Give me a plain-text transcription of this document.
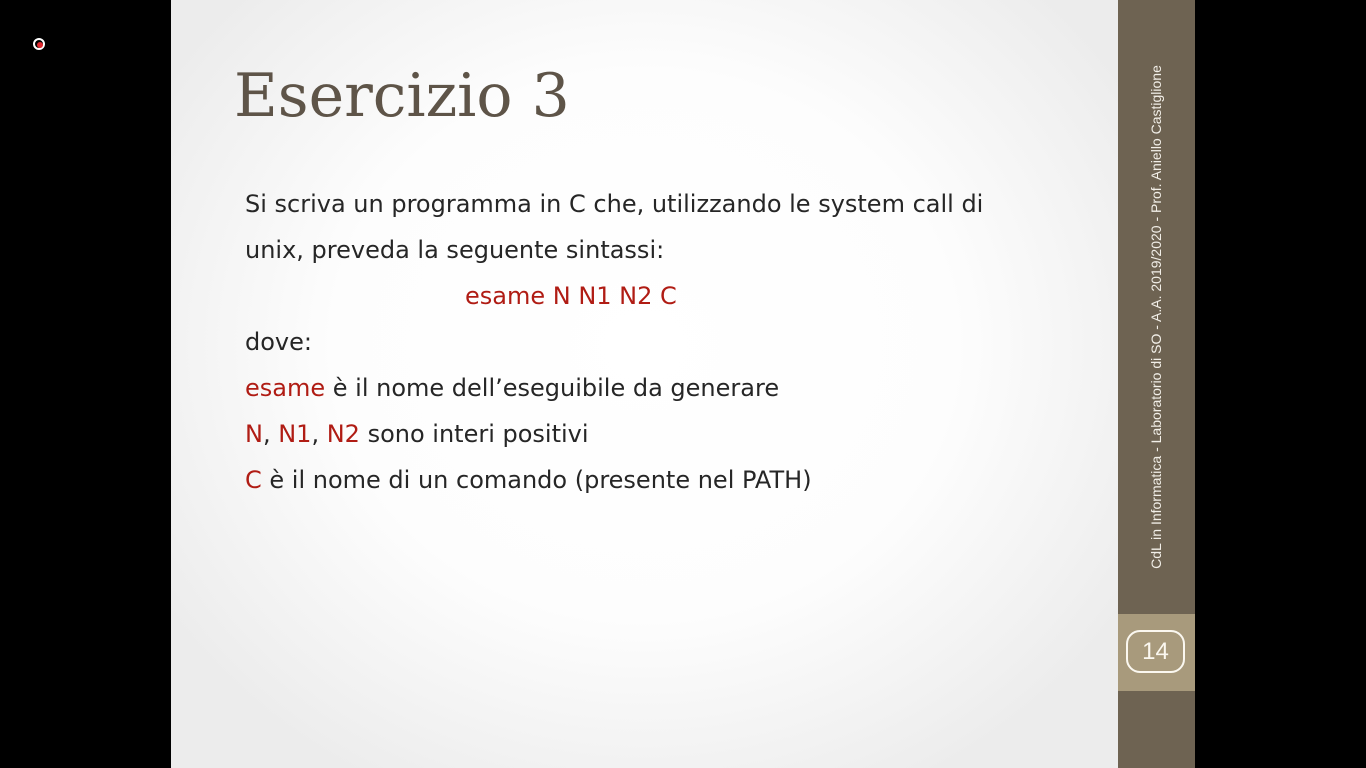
Esercizio 3
Si scriva un programma in C che, utilizzando le system call di
unix, preveda la seguente sintassi:
esame N N1 N2 C
dove:
esame è il nome dell’eseguibile da generare
N, N1, N2 sono interi positivi
C è il nome di un comando (presente nel PATH)	CdL in Informatica - Laboratorio di SO - A.A. 2019/2020 - Prof. Aniello Castiglione
14
